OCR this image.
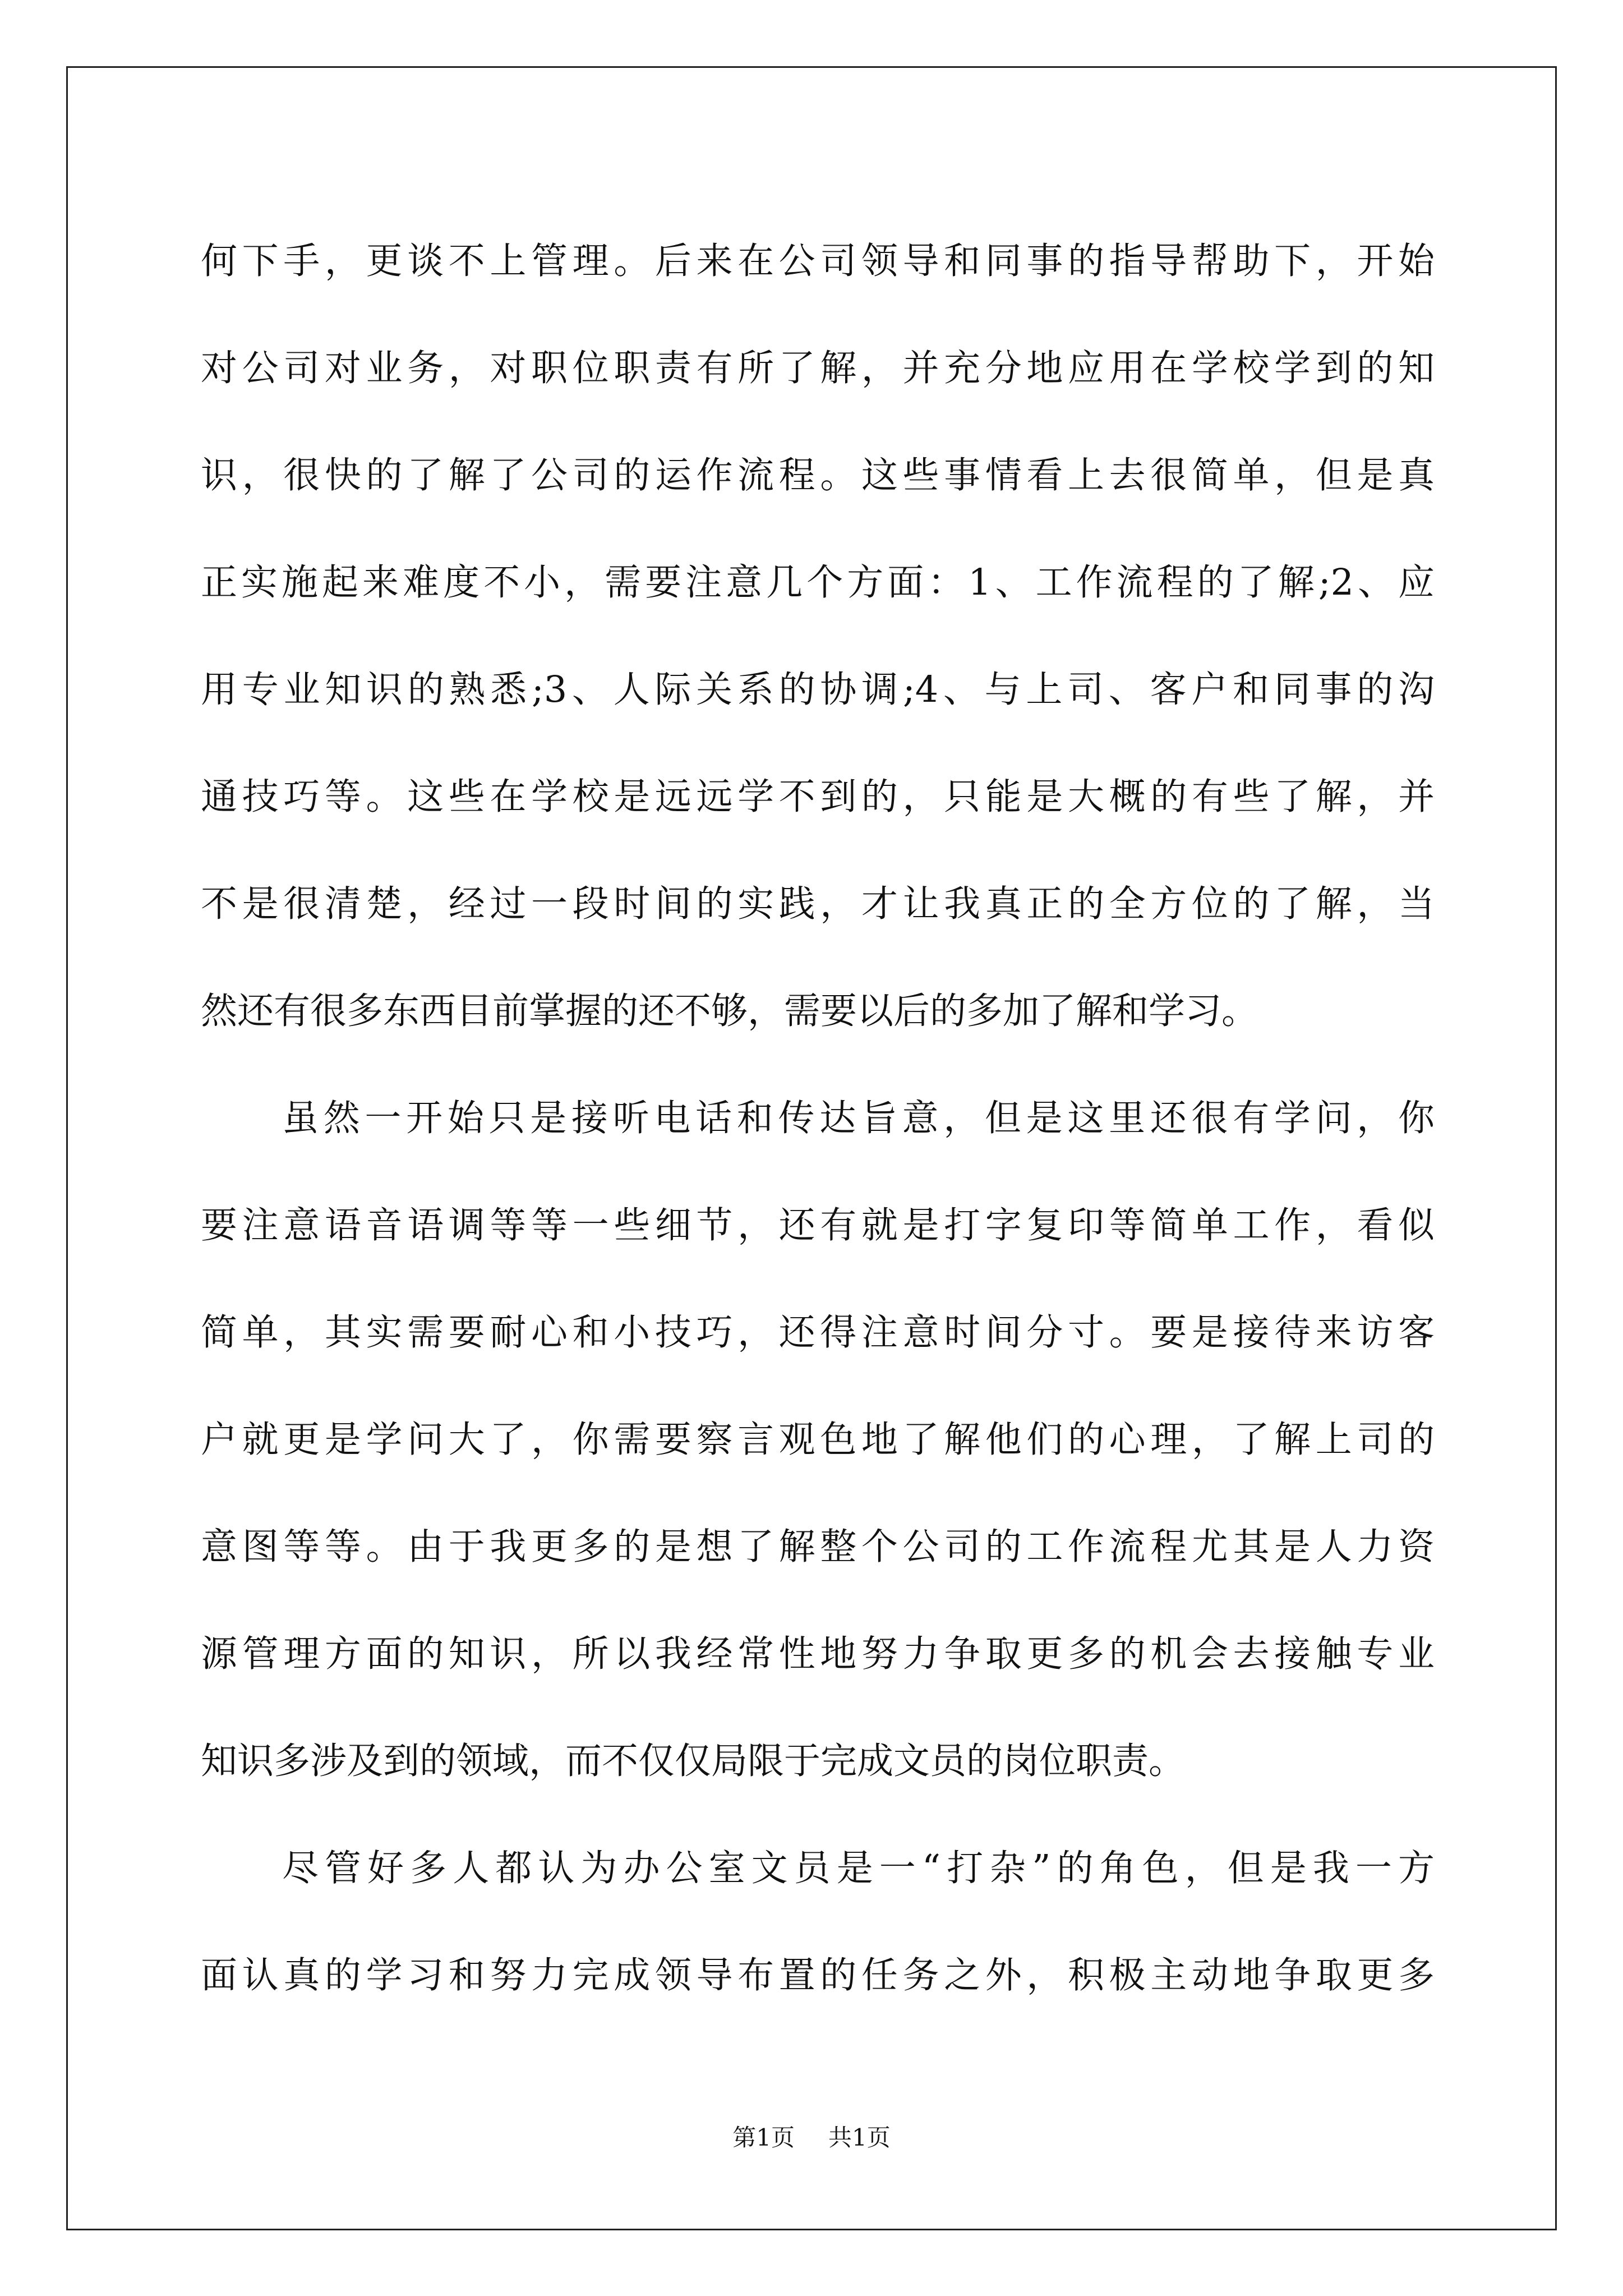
何下手，更谈不上管理。后来在公司领导和同事的指导帮助下，开始
对公司对业务，对职位职责有所了解，并充分地应用在学校学到的知
识，很快的了解了公司的运作流程。这些事情看上去很简单，但是真
正实施起来难度不小，需要注意几个方面：1、工作流程的了解;2、应
用专业知识的熟悉;3、人际关系的协调;4、与上司、客户和同事的沟
通技巧等。这些在学校是远远学不到的，只能是大概的有些了解，并
不是很清楚，经过一段时间的实践，才让我真正的全方位的了解，当
然还有很多东西目前掌握的还不够，需要以后的多加了解和学习。
虽然一开始只是接听电话和传达旨意，但是这里还很有学问，你
要注意语音语调等等一些细节，还有就是打字复印等简单工作，看似
简单，其实需要耐心和小技巧，还得注意时间分寸。要是接待来访客
户就更是学问大了，你需要察言观色地了解他们的心理，了解上司的
意图等等。由于我更多的是想了解整个公司的工作流程尤其是人力资
源管理方面的知识，所以我经常性地努力争取更多的机会去接触专业
知识多涉及到的领域，而不仅仅局限于完成文员的岗位职责。
尽管好多人都认为办公室文员是一“打杂”的角色，但是我一方
面认真的学习和努力完成领导布置的任务之外，积极主动地争取更多
第1页 共1页
